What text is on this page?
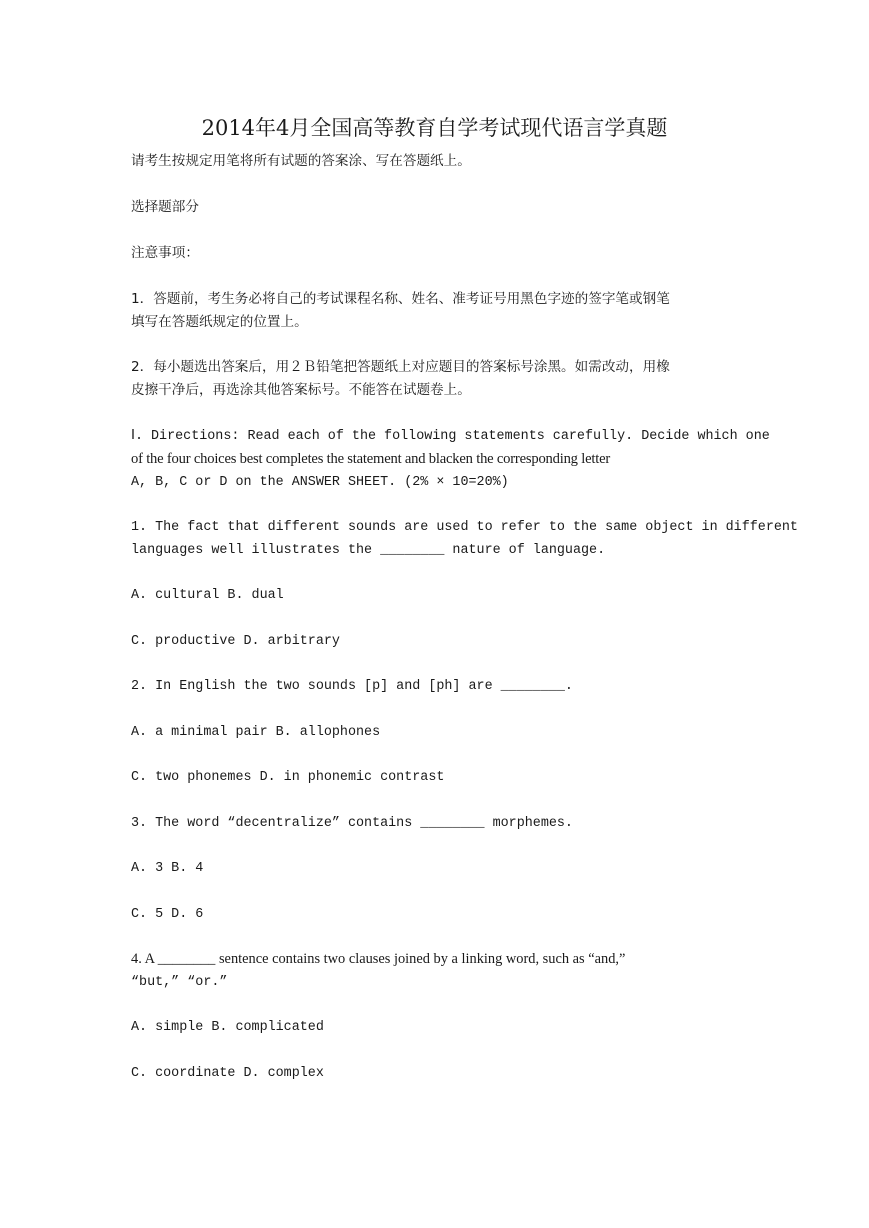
2014年4月全国高等教育自学考试现代语言学真题
请考生按规定用笔将所有试题的答案涂、写在答题纸上。
选择题部分
注意事项：
1．答题前，考生务必将自己的考试课程名称、姓名、准考证号用黑色字迹的签字笔或钢笔
填写在答题纸规定的位置上。
2．每小题选出答案后，用２Ｂ铅笔把答题纸上对应题目的答案标号涂黑。如需改动，用橡
皮擦干净后，再选涂其他答案标号。不能答在试题卷上。
Ⅰ. Directions: Read each of the following statements carefully. Decide which one
of the four choices best completes the statement and blacken the corresponding letter
A, B, C or D on the ANSWER SHEET. (2% × 10=20%)
1. The fact that different sounds are used to refer to the same object in different
languages well illustrates the ________ nature of language.
A. cultural B. dual
C. productive D. arbitrary
2. In English the two sounds [p] and [ph] are ________.
A. a minimal pair B. allophones
C. two phonemes D. in phonemic contrast
3. The word “decentralize” contains ________ morphemes.
A. 3 B. 4
C. 5 D. 6
4. A ________ sentence contains two clauses joined by a linking word, such as “and,”
“but,” “or.”
A. simple B. complicated
C. coordinate D. complex
